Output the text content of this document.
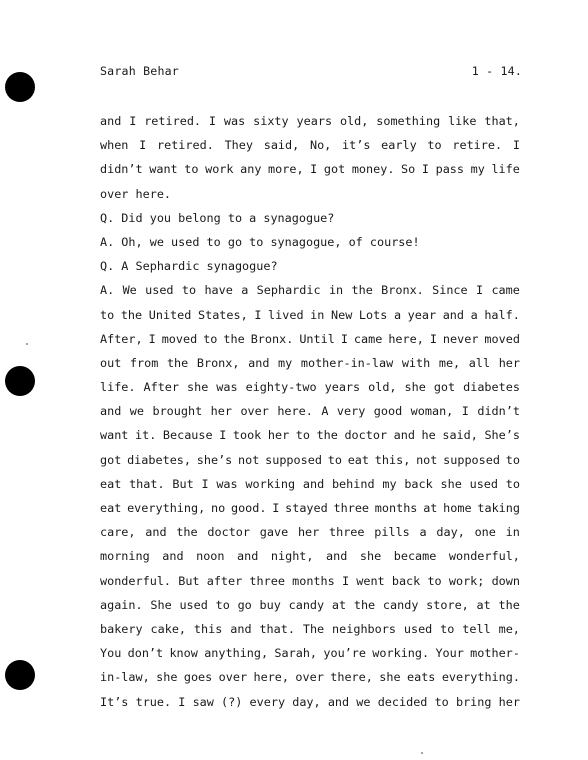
Sarah Behar	1 - 14.
and I retired. I was sixty years old, something like that,
when I retired. They said, No, it’s early to retire. I
didn’t want to work any more, I got money. So I pass my life
over here.
Q. Did you belong to a synagogue?
A. Oh, we used to go to synagogue, of course!
Q. A Sephardic synagogue?
A. We used to have a Sephardic in the Bronx. Since I came
to the United States, I lived in New Lots a year and a half.
After, I moved to the Bronx. Until I came here, I never moved
out from the Bronx, and my mother-in-law with me, all her
life. After she was eighty-two years old, she got diabetes
and we brought her over here. A very good woman, I didn’t
want it. Because I took her to the doctor and he said, She’s
got diabetes, she’s not supposed to eat this, not supposed to
eat that. But I was working and behind my back she used to
eat everything, no good. I stayed three months at home taking
care, and the doctor gave her three pills a day, one in
morning and noon and night, and she became wonderful,
wonderful. But after three months I went back to work; down
again. She used to go buy candy at the candy store, at the
bakery cake, this and that. The neighbors used to tell me,
You don’t know anything, Sarah, you’re working. Your mother-
in-law, she goes over here, over there, she eats everything.
It’s true. I saw (?) every day, and we decided to bring her
